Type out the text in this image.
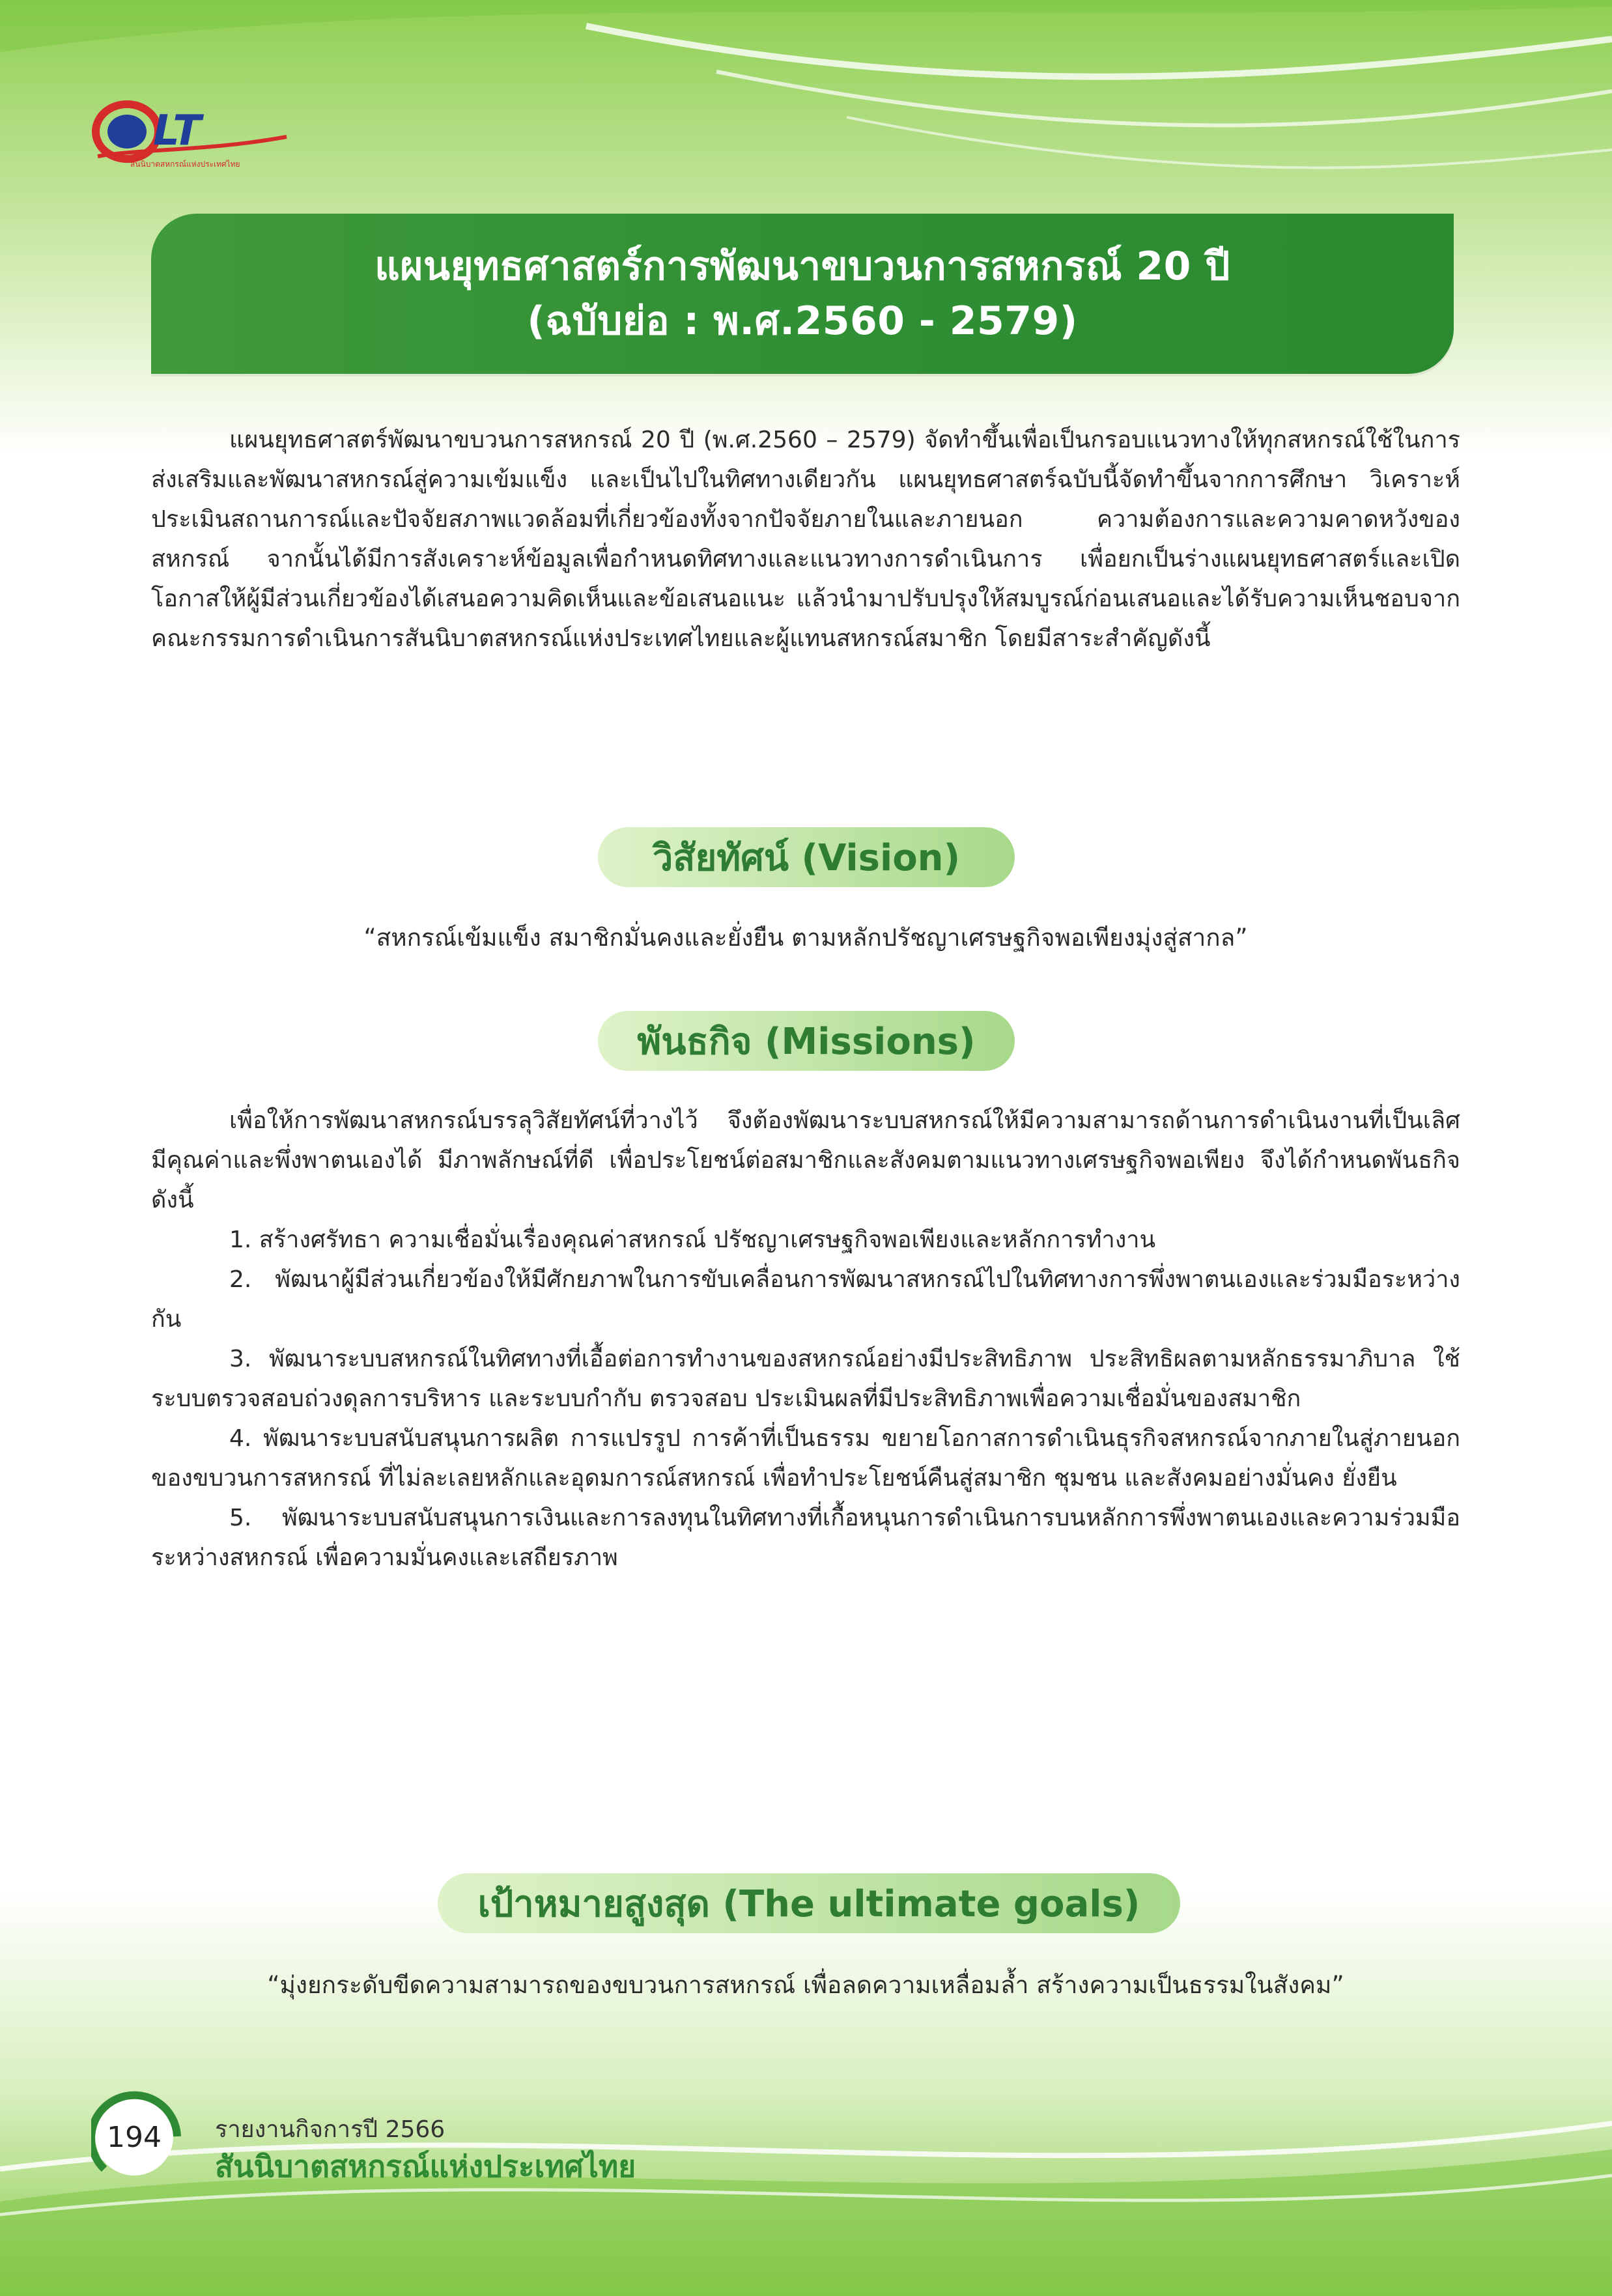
LT
สันนิบาตสหกรณ์แห่งประเทศไทย
แผนยุทธศาสตร์การพัฒนาขบวนการสหกรณ์ 20 ปี
(ฉบับย่อ : พ.ศ.2560 - 2579)

แผนยุทธศาสตร์พัฒนาขบวนการสหกรณ์ 20 ปี (พ.ศ.2560 – 2579) จัดทำขึ้นเพื่อเป็นกรอบแนวทางให้ทุกสหกรณ์ใช้ในการส่งเสริมและพัฒนาสหกรณ์สู่ความเข้มแข็ง และเป็นไปในทิศทางเดียวกัน แผนยุทธศาสตร์ฉบับนี้จัดทำขึ้นจากการศึกษา วิเคราะห์ ประเมินสถานการณ์และปัจจัยสภาพแวดล้อมที่เกี่ยวข้องทั้งจากปัจจัยภายในและภายนอก ความต้องการและความคาดหวังของสหกรณ์ จากนั้นได้มีการสังเคราะห์ข้อมูลเพื่อกำหนดทิศทางและแนวทางการดำเนินการ เพื่อยกเป็นร่างแผนยุทธศาสตร์และเปิดโอกาสให้ผู้มีส่วนเกี่ยวข้องได้เสนอความคิดเห็นและข้อเสนอแนะ แล้วนำมาปรับปรุงให้สมบูรณ์ก่อนเสนอและได้รับความเห็นชอบจากคณะกรรมการดำเนินการสันนิบาตสหกรณ์แห่งประเทศไทยและผู้แทนสหกรณ์สมาชิก โดยมีสาระสำคัญดังนี้

วิสัยทัศน์ (Vision)
“สหกรณ์เข้มแข็ง สมาชิกมั่นคงและยั่งยืน ตามหลักปรัชญาเศรษฐกิจพอเพียงมุ่งสู่สากล”
พันธกิจ (Missions)

เพื่อให้การพัฒนาสหกรณ์บรรลุวิสัยทัศน์ที่วางไว้ จึงต้องพัฒนาระบบสหกรณ์ให้มีความสามารถด้านการดำเนินงานที่เป็นเลิศ มีคุณค่าและพึ่งพาตนเองได้ มีภาพลักษณ์ที่ดี เพื่อประโยชน์ต่อสมาชิกและสังคมตามแนวทางเศรษฐกิจพอเพียง จึงได้กำหนดพันธกิจ ดังนี้

1. สร้างศรัทธา ความเชื่อมั่นเรื่องคุณค่าสหกรณ์ ปรัชญาเศรษฐกิจพอเพียงและหลักการทำงาน

2. พัฒนาผู้มีส่วนเกี่ยวข้องให้มีศักยภาพในการขับเคลื่อนการพัฒนาสหกรณ์ไปในทิศทางการพึ่งพาตนเองและร่วมมือระหว่างกัน

3. พัฒนาระบบสหกรณ์ในทิศทางที่เอื้อต่อการทำงานของสหกรณ์อย่างมีประสิทธิภาพ ประสิทธิผลตามหลักธรรมาภิบาล ใช้ระบบตรวจสอบถ่วงดุลการบริหาร และระบบกำกับ ตรวจสอบ ประเมินผลที่มีประสิทธิภาพเพื่อความเชื่อมั่นของสมาชิก

4. พัฒนาระบบสนับสนุนการผลิต การแปรรูป การค้าที่เป็นธรรม ขยายโอกาสการดำเนินธุรกิจสหกรณ์จากภายในสู่ภายนอกของขบวนการสหกรณ์ ที่ไม่ละเลยหลักและอุดมการณ์สหกรณ์ เพื่อทำประโยชน์คืนสู่สมาชิก ชุมชน และสังคมอย่างมั่นคง ยั่งยืน

5. พัฒนาระบบสนับสนุนการเงินและการลงทุนในทิศทางที่เกื้อหนุนการดำเนินการบนหลักการพึ่งพาตนเองและความร่วมมือระหว่างสหกรณ์ เพื่อความมั่นคงและเสถียรภาพ

เป้าหมายสูงสุด (The ultimate goals)
“มุ่งยกระดับขีดความสามารถของขบวนการสหกรณ์ เพื่อลดความเหลื่อมล้ำ สร้างความเป็นธรรมในสังคม”
194	รายงานกิจการปี 2566
สันนิบาตสหกรณ์แห่งประเทศไทย
